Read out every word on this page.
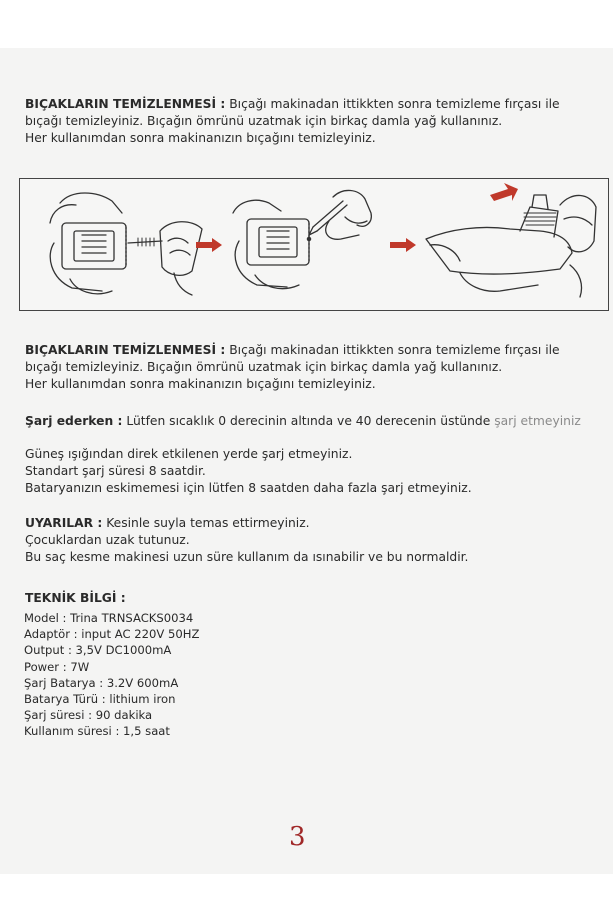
BIÇAKLARIN TEMİZLENMESİ : Bıçağı makinadan ittikkten sonra temizleme fırçası ile
bıçağı temizleyiniz. Bıçağın ömrünü uzatmak için birkaç damla yağ kullanınız.
Her kullanımdan sonra makinanızın bıçağını temizleyiniz.
BIÇAKLARIN TEMİZLENMESİ : Bıçağı makinadan ittikkten sonra temizleme fırçası ile
bıçağı temizleyiniz. Bıçağın ömrünü uzatmak için birkaç damla yağ kullanınız.
Her kullanımdan sonra makinanızın bıçağını temizleyiniz.
Şarj ederken : Lütfen sıcaklık 0 derecinin altında ve 40 derecenin üstünde şarj etmeyiniz
Güneş ışığından direk etkilenen yerde şarj etmeyiniz.
Standart şarj süresi 8 saatdir.
Bataryanızın eskimemesi için lütfen 8 saatden daha fazla şarj etmeyiniz.
UYARILAR : Kesinle suyla temas ettirmeyiniz.
Çocuklardan uzak tutunuz.
Bu saç kesme makinesi uzun süre kullanım da ısınabilir ve bu normaldir.
TEKNİK BİLGİ :
Model : Trina TRNSACKS0034
Adaptör : input AC 220V 50HZ
Output : 3,5V DC1000mA
Power : 7W
Şarj Batarya : 3.2V 600mA
Batarya Türü : lithium iron
Şarj süresi : 90 dakika
Kullanım süresi : 1,5 saat
3
